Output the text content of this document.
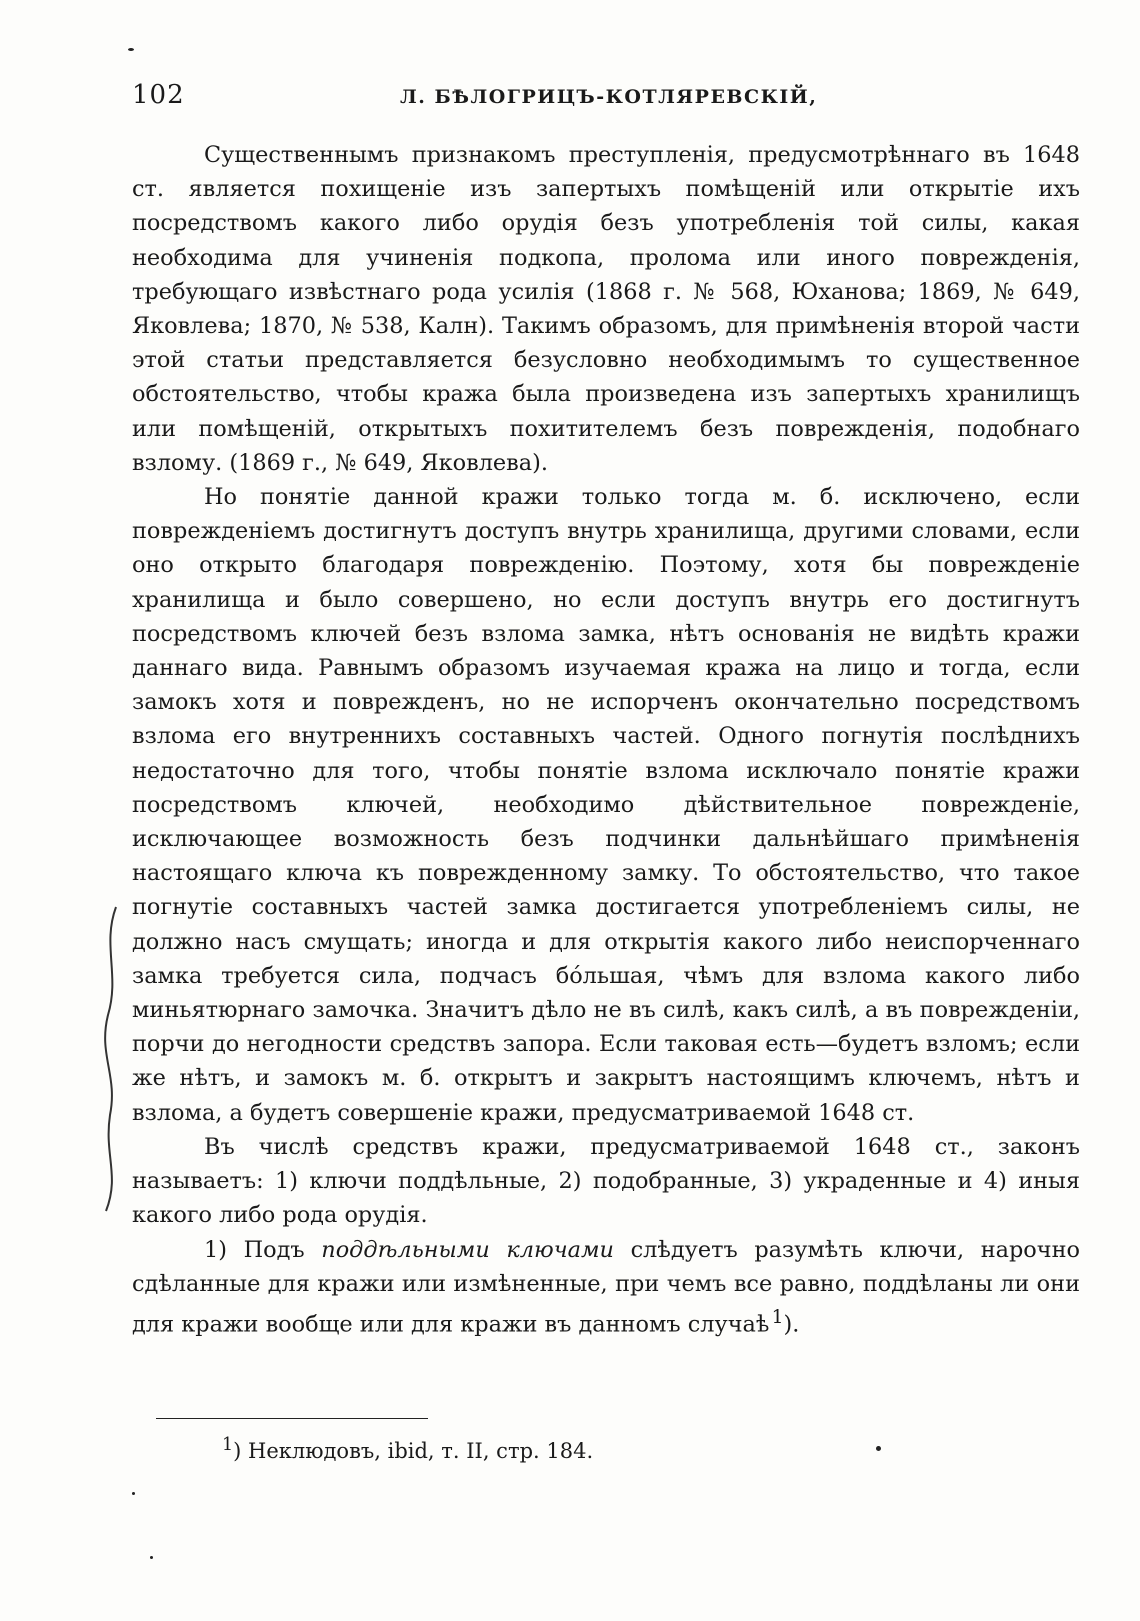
102	Л. БѢЛОГРИЦЪ-КОТЛЯРЕВСКІЙ,

Существеннымъ признакомъ преступленія, предусмотрѣннаго въ 1648 ст. является похищеніе изъ запертыхъ помѣщеній или открытіе ихъ посредствомъ какого либо орудія безъ употребленія той силы, какая необходима для учиненія подкопа, пролома или иного поврежденія, требующаго извѣстнаго рода усилія (1868 г. № 568, Юханова; 1869, № 649, Яковлева; 1870, № 538, Калн). Такимъ образомъ, для примѣненія второй части этой статьи представляется безусловно необходимымъ то существенное обстоятельство, чтобы кража была произведена изъ запертыхъ хранилищъ или помѣщеній, открытыхъ похитителемъ безъ поврежденія, подобнаго взлому. (1869 г., № 649, Яковлева).

Но понятіе данной кражи только тогда м. б. исключено, если поврежденіемъ достигнутъ доступъ внутрь хранилища, другими словами, если оно открыто благодаря поврежденію. Поэтому, хотя бы поврежденіе хранилища и было совершено, но если доступъ внутрь его достигнутъ посредствомъ ключей безъ взлома замка, нѣтъ основанія не видѣть кражи даннаго вида. Равнымъ образомъ изучаемая кража на лицо и тогда, если замокъ хотя и поврежденъ, но не испорченъ окончательно посредствомъ взлома его внутреннихъ составныхъ частей. Одного погнутія послѣднихъ недостаточно для того, чтобы понятіе взлома исключало понятіе кражи посредствомъ ключей, необходимо дѣйствительное поврежденіе, исключающее возможность безъ подчинки дальнѣйшаго примѣненія настоящаго ключа къ поврежденному замку. То обстоятельство, что такое погнутіе составныхъ частей замка достигается употребленіемъ силы, не должно насъ смущать; иногда и для открытія какого либо неиспорченнаго замка требуется сила, подчасъ бóльшая, чѣмъ для взлома какого либо миньятюрнаго замочка. Значитъ дѣло не въ силѣ, какъ силѣ, а въ поврежденіи, порчи до негодности средствъ запора. Если таковая есть—будетъ взломъ; если же нѣтъ, и замокъ м. б. открытъ и закрытъ настоящимъ ключемъ, нѣтъ и взлома, а будетъ совершеніе кражи, предусматриваемой 1648 ст.

Въ числѣ средствъ кражи, предусматриваемой 1648 ст., законъ называетъ: 1) ключи поддѣльные, 2) подобранные, 3) украденные и 4) иныя какого либо рода орудія.

1) Подъ поддѣльными ключами слѣдуетъ разумѣть ключи, нарочно сдѣланные для кражи или измѣненные, при чемъ все равно, поддѣланы ли они для кражи вообще или для кражи въ данномъ случаѣ  $^1$).

$^1$) Неклюдовъ, ibid, т. II, стр. 184.
